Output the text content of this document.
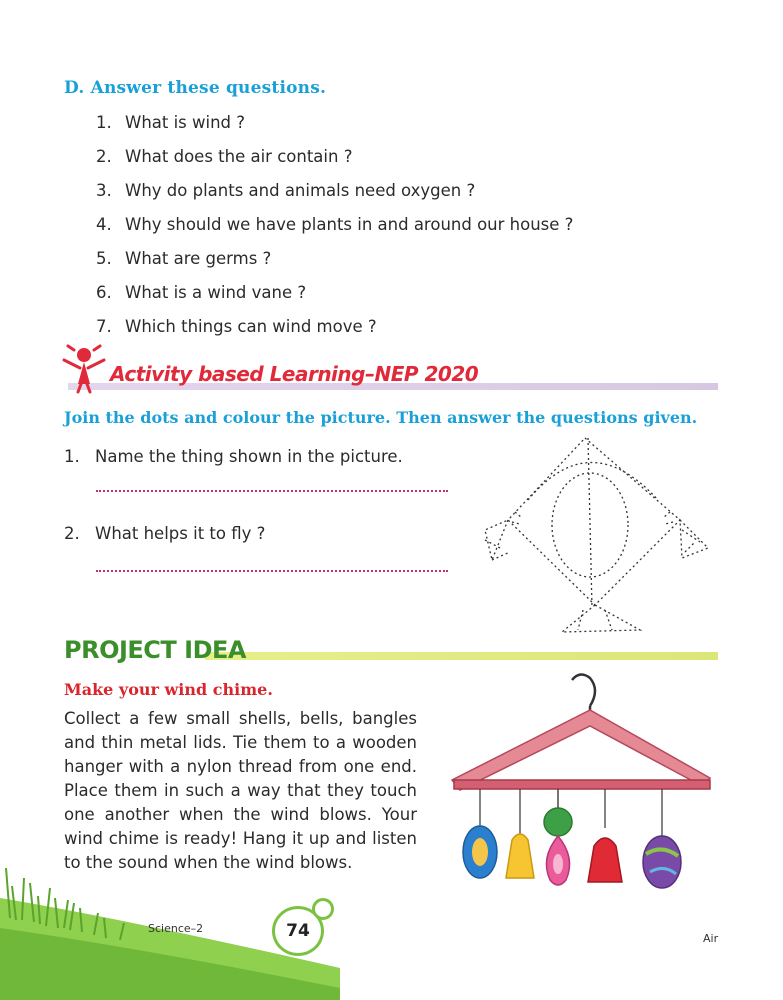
D. Answer these questions.
1. What is wind ?
2. What does the air contain ?
3. Why do plants and animals need oxygen ?
4. Why should we have plants in and around our house ?
5. What are germs ?
6. What is a wind vane ?
7. Which things can wind move ?
Activity based Learning–NEP 2020
Join the dots and colour the picture. Then answer the questions given.
1. Name the thing shown in the picture.
2. What helps it to fly ?
PROJECT IDEA
Make your wind chime.
Collect a few small shells, bells, bangles and thin metal lids. Tie them to a wooden hanger with a nylon thread from one end. Place them in such a way that they touch one another when the wind blows. Your wind chime is ready! Hang it up and listen to the sound when the wind blows.
Science–2	74	Air
